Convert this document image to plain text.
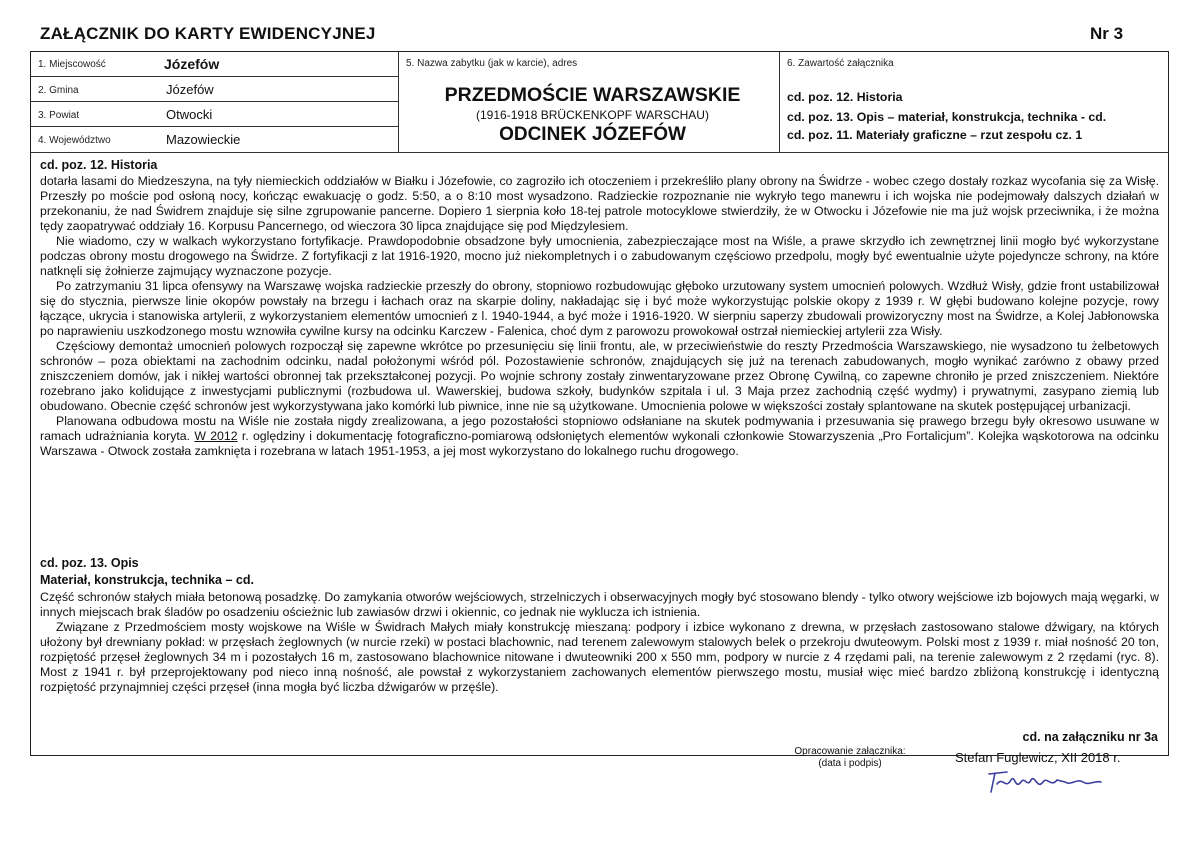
ZAŁĄCZNIK DO KARTY EWIDENCYJNEJ	Nr 3
1. Miejscowość	Józefów
2. Gmina	Józefów
3. Powiat	Otwocki
4. Województwo	Mazowieckie
5. Nazwa zabytku (jak w karcie), adres
PRZEDMOŚCIE WARSZAWSKIE
(1916-1918 BRÜCKENKOPF WARSCHAU)
ODCINEK JÓZEFÓW
6. Zawartość załącznika
cd. poz. 12. Historia
cd. poz. 13. Opis – materiał, konstrukcja, technika - cd.
cd. poz. 11. Materiały graficzne – rzut zespołu cz. 1
cd. poz. 12. Historia

dotarła lasami do Miedzeszyna, na tyły niemieckich oddziałów w Białku i Józefowie, co zagroziło ich otoczeniem i przekreśliło plany obrony na Świdrze - wobec czego dostały rozkaz wycofania się za Wisłę. Przeszły po moście pod osłoną nocy, kończąc ewakuację o godz. 5:50, a o 8:10 most wysadzono. Radzieckie rozpoznanie nie wykryło tego manewru i ich wojska nie podejmowały dalszych działań w przekonaniu, że nad Świdrem znajduje się silne zgrupowanie pancerne. Dopiero 1 sierpnia koło 18-tej patrole motocyklowe stwierdziły, że w Otwocku i Józefowie nie ma już wojsk przeciwnika, i że można tędy zaopatrywać oddziały 16. Korpusu Pancernego, od wieczora 30 lipca znajdujące się pod Międzylesiem.

Nie wiadomo, czy w walkach wykorzystano fortyfikacje. Prawdopodobnie obsadzone były umocnienia, zabezpieczające most na Wiśle, a prawe skrzydło ich zewnętrznej linii mogło być wykorzystane podczas obrony mostu drogowego na Świdrze. Z fortyfikacji z lat 1916-1920, mocno już niekompletnych i o zabudowanym częściowo przedpolu, mogły być ewentualnie użyte pojedyncze schrony, na które natknęli się żołnierze zajmujący wyznaczone pozycje.

Po zatrzymaniu 31 lipca ofensywy na Warszawę wojska radzieckie przeszły do obrony, stopniowo rozbudowując głęboko urzutowany system umocnień polowych. Wzdłuż Wisły, gdzie front ustabilizował się do stycznia, pierwsze linie okopów powstały na brzegu i łachach oraz na skarpie doliny, nakładając się i być może wykorzystując polskie okopy z 1939 r. W głębi budowano kolejne pozycje, rowy łączące, ukrycia i stanowiska artylerii, z wykorzystaniem elementów umocnień z l. 1940-1944, a być może i 1916-1920. W sierpniu saperzy zbudowali prowizoryczny most na Świdrze, a Kolej Jabłonowska po naprawieniu uszkodzonego mostu wznowiła cywilne kursy na odcinku Karczew - Falenica, choć dym z parowozu prowokował ostrzał niemieckiej artylerii zza Wisły.

Częściowy demontaż umocnień polowych rozpoczął się zapewne wkrótce po przesunięciu się linii frontu, ale, w przeciwieństwie do reszty Przedmościa Warszawskiego, nie wysadzono tu żelbetowych schronów – poza obiektami na zachodnim odcinku, nadal położonymi wśród pól. Pozostawienie schronów, znajdujących się już na terenach zabudowanych, mogło wynikać zarówno z obawy przed zniszczeniem domów, jak i nikłej wartości obronnej tak przekształconej pozycji. Po wojnie schrony zostały zinwentaryzowane przez Obronę Cywilną, co zapewne chroniło je przed zniszczeniem. Niektóre rozebrano jako kolidujące z inwestycjami publicznymi (rozbudowa ul. Wawerskiej, budowa szkoły, budynków szpitala i ul. 3 Maja przez zachodnią część wydmy) i prywatnymi, zasypano ziemią lub obudowano. Obecnie część schronów jest wykorzystywana jako komórki lub piwnice, inne nie są użytkowane. Umocnienia polowe w większości zostały splantowane na skutek postępującej urbanizacji.

Planowana odbudowa mostu na Wiśle nie została nigdy zrealizowana, a jego pozostałości stopniowo odsłaniane na skutek podmywania i przesuwania się prawego brzegu były okresowo usuwane w ramach udrażniania koryta. W 2012 r. oględziny i dokumentację fotograficzno-pomiarową odsłoniętych elementów wykonali członkowie Stowarzyszenia „Pro Fortalicjum”. Kolejka wąskotorowa na odcinku Warszawa - Otwock została zamknięta i rozebrana w latach 1951-1953, a jej most wykorzystano do lokalnego ruchu drogowego.

cd. poz. 13. Opis
Materiał, konstrukcja, technika – cd.

Część schronów stałych miała betonową posadzkę. Do zamykania otworów wejściowych, strzelniczych i obserwacyjnych mogły być stosowano blendy - tylko otwory wejściowe izb bojowych mają węgarki, w innych miejscach brak śladów po osadzeniu ościeżnic lub zawiasów drzwi i okiennic, co jednak nie wyklucza ich istnienia.

Związane z Przedmościem mosty wojskowe na Wiśle w Świdrach Małych miały konstrukcję mieszaną: podpory i izbice wykonano z drewna, w przęsłach zastosowano stalowe dźwigary, na których ułożony był drewniany pokład: w przęsłach żeglownych (w nurcie rzeki) w postaci blachownic, nad terenem zalewowym stalowych belek o przekroju dwuteowym. Polski most z 1939 r. miał nośność 20 ton, rozpiętość przęseł żeglownych 34 m i pozostałych 16 m, zastosowano blachownice nitowane i dwuteowniki 200 x 550 mm, podpory w nurcie z 4 rzędami pali, na terenie zalewowym z 2 rzędami (ryc. 8). Most z 1941 r. był przeprojektowany pod nieco inną nośność, ale powstał z wykorzystaniem zachowanych elementów pierwszego mostu, musiał więc mieć bardzo zbliżoną konstrukcję i identyczną rozpiętość przynajmniej części przęseł (inna mogła być liczba dźwigarów w przęśle).

cd. na załączniku nr 3a
Opracowanie załącznika:
(data i podpis)	Stefan Fuglewicz, XII 2018 r.
